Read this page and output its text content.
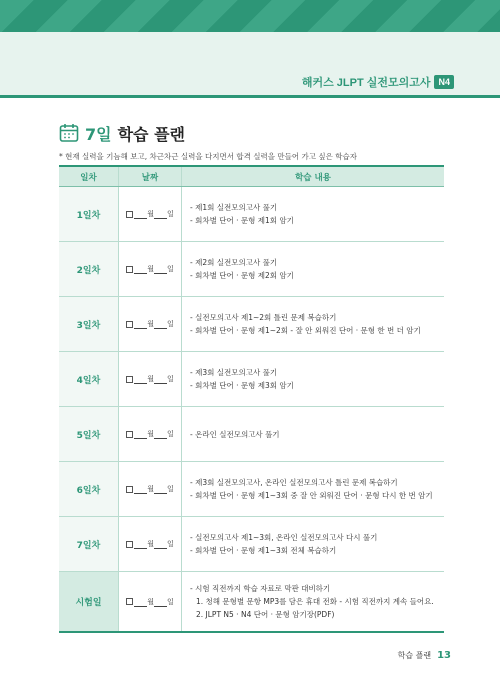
해커스 JLPT 실전모의고사 N4
7일 학습 플랜
* 현재 실력을 기늠해 보고, 차근차근 실력을 다지면서 합격 실력을 만들어 가고 싶은 학습자
일차	날짜	학습 내용
1일차	월 일	- 제1회 실전모의고사 풀기
- 회차별 단어 · 문형 제1회 암기

2일차	월 일	- 제2회 실전모의고사 풀기
- 회차별 단어 · 문형 제2회 암기

3일차	월 일	- 실전모의고사 제1~2회 틀린 문제 복습하기
- 회차별 단어 · 문형 제1~2회 - 잘 안 외워진 단어 · 문형 한 번 더 암기

4일차	월 일	- 제3회 실전모의고사 풀기
- 회차별 단어 · 문형 제3회 암기

5일차	월 일	- 온라인 실전모의고사 풀기

6일차	월 일	- 제3회 실전모의고사, 온라인 실전모의고사 틀린 문제 복습하기
- 회차별 단어 · 문형 제1~3회 중 잘 안 외워진 단어 · 문형 다시 한 번 암기

7일차	월 일	- 실전모의고사 제1~3회, 온라인 실전모의고사 다시 풀기
- 회차별 단어 · 문형 제1~3회 전체 복습하기

시험일	월 일	- 시험 직전까지 학습 자료로 막판 대비하기
1. 청해 문형별 문항 MP3를 담은 휴대 전화 - 시험 직전까지 계속 들어요.
2. JLPT N5 · N4 단어 · 문형 암기장(PDF)
학습 플랜 13
